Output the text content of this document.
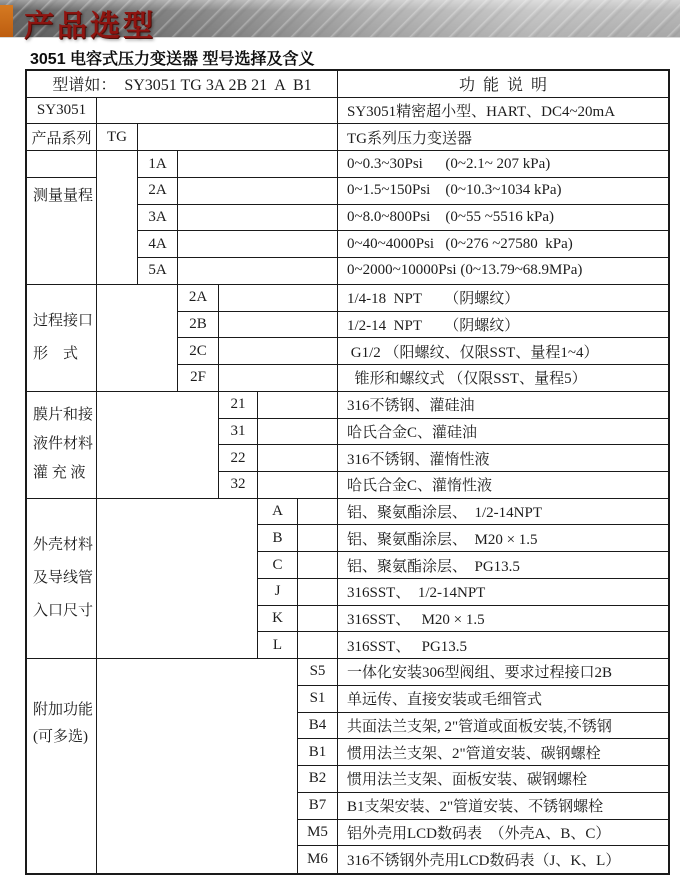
产品选型
3051 电容式压力变送器 型号选择及含义
型谱如：  SY3051 TG 3A 2B 21  A  B1	功  能  说  明
SY3051	SY3051精密超小型、HART、DC4~20mA
产品系列	TG	TG系列压力变送器
测量量程
1A	0~0.3~30Psi      (0~2.1~ 207 kPa)
2A	0~1.5~150Psi    (0~10.3~1034 kPa)
3A	0~8.0~800Psi    (0~55 ~5516 kPa)
4A	0~40~4000Psi   (0~276 ~27580  kPa)
5A	0~2000~10000Psi (0~13.79~68.9MPa)
过程接口
形    式
2A	1/4-18  NPT      （阴螺纹）
2B	1/2-14  NPT      （阴螺纹）
2C	G1/2 （阳螺纹、仅限SST、量程1~4）
2F	锥形和螺纹式 （仅限SST、量程5）
膜片和接
液件材料
灌 充 液
21	316不锈钢、灌硅油
31	哈氏合金C、灌硅油
22	316不锈钢、灌惰性液
32	哈氏合金C、灌惰性液
外壳材料
及导线管
入口尺寸
A	铝、聚氨酯涂层、  1/2-14NPT
B	铝、聚氨酯涂层、  M20 × 1.5
C	铝、聚氨酯涂层、  PG13.5
J	316SST、  1/2-14NPT
K	316SST、   M20 × 1.5
L	316SST、   PG13.5
附加功能
(可多选)
S5	一体化安装306型阀组、要求过程接口2B
S1	单远传、直接安装或毛细管式
B4	共面法兰支架, 2"管道或面板安装,不锈钢
B1	惯用法兰支架、2"管道安装、碳钢螺栓
B2	惯用法兰支架、面板安装、碳钢螺栓
B7	B1支架安装、2"管道安装、不锈钢螺栓
M5	铝外壳用LCD数码表  （外壳A、B、C）
M6	316不锈钢外壳用LCD数码表（J、K、L）
